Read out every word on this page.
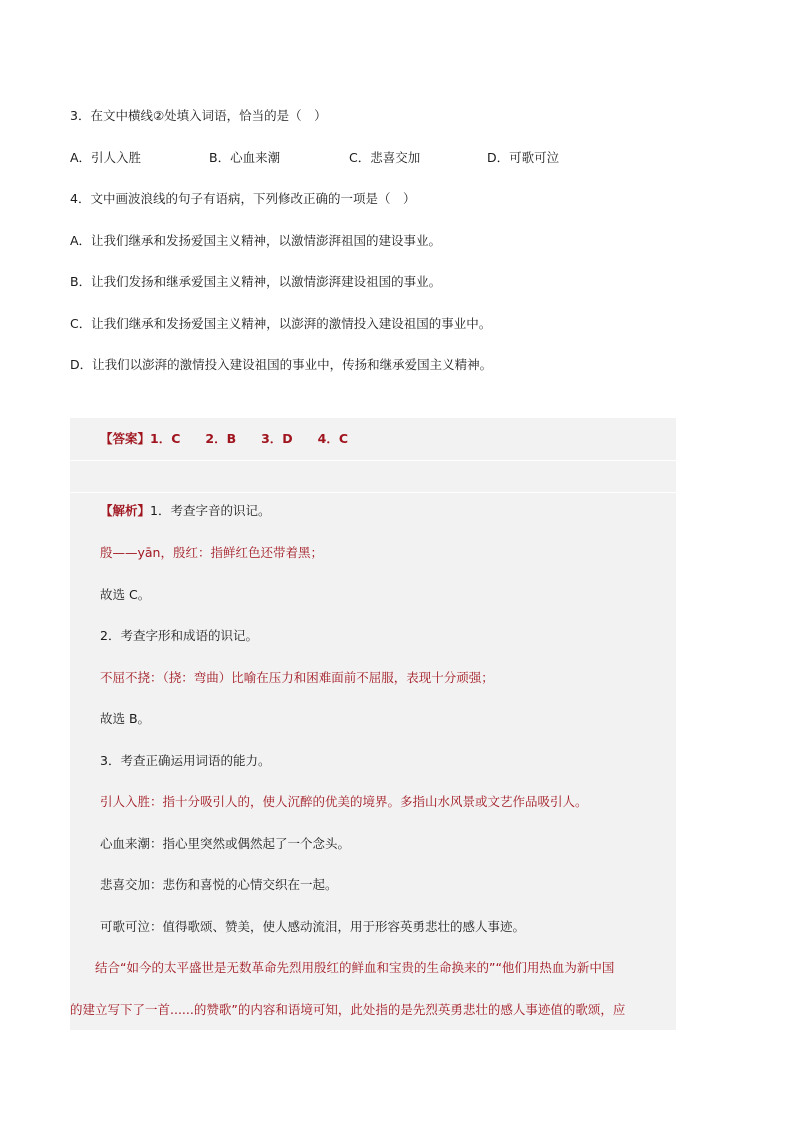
3．在文中横线②处填入词语，恰当的是（　）
A．引人入胜	B．心血来潮	C．悲喜交加	D．可歌可泣
4．文中画波浪线的句子有语病，下列修改正确的一项是（　）
A．让我们继承和发扬爱国主义精神，以激情澎湃祖国的建设事业。
B．让我们发扬和继承爱国主义精神，以激情澎湃建设祖国的事业。
C．让我们继承和发扬爱国主义精神，以澎湃的激情投入建设祖国的事业中。
D．让我们以澎湃的激情投入建设祖国的事业中，传扬和继承爱国主义精神。
【答案】1．C　　2．B　　3．D　　4．C
【解析】1．考查字音的识记。
殷——yān，殷红：指鲜红色还带着黑；
故选 C。
2．考查字形和成语的识记。
不屈不挠：（挠：弯曲）比喻在压力和困难面前不屈服，表现十分顽强；
故选 B。
3．考查正确运用词语的能力。
引人入胜：指十分吸引人的，使人沉醉的优美的境界。多指山水风景或文艺作品吸引人。
心血来潮：指心里突然或偶然起了一个念头。
悲喜交加：悲伤和喜悦的心情交织在一起。
可歌可泣：值得歌颂、赞美，使人感动流泪，用于形容英勇悲壮的感人事迹。
　　结合“如今的太平盛世是无数革命先烈用殷红的鲜血和宝贵的生命换来的”“他们用热血为新中国
的建立写下了一首......的赞歌”的内容和语境可知，此处指的是先烈英勇悲壮的感人事迹值的歌颂，应
